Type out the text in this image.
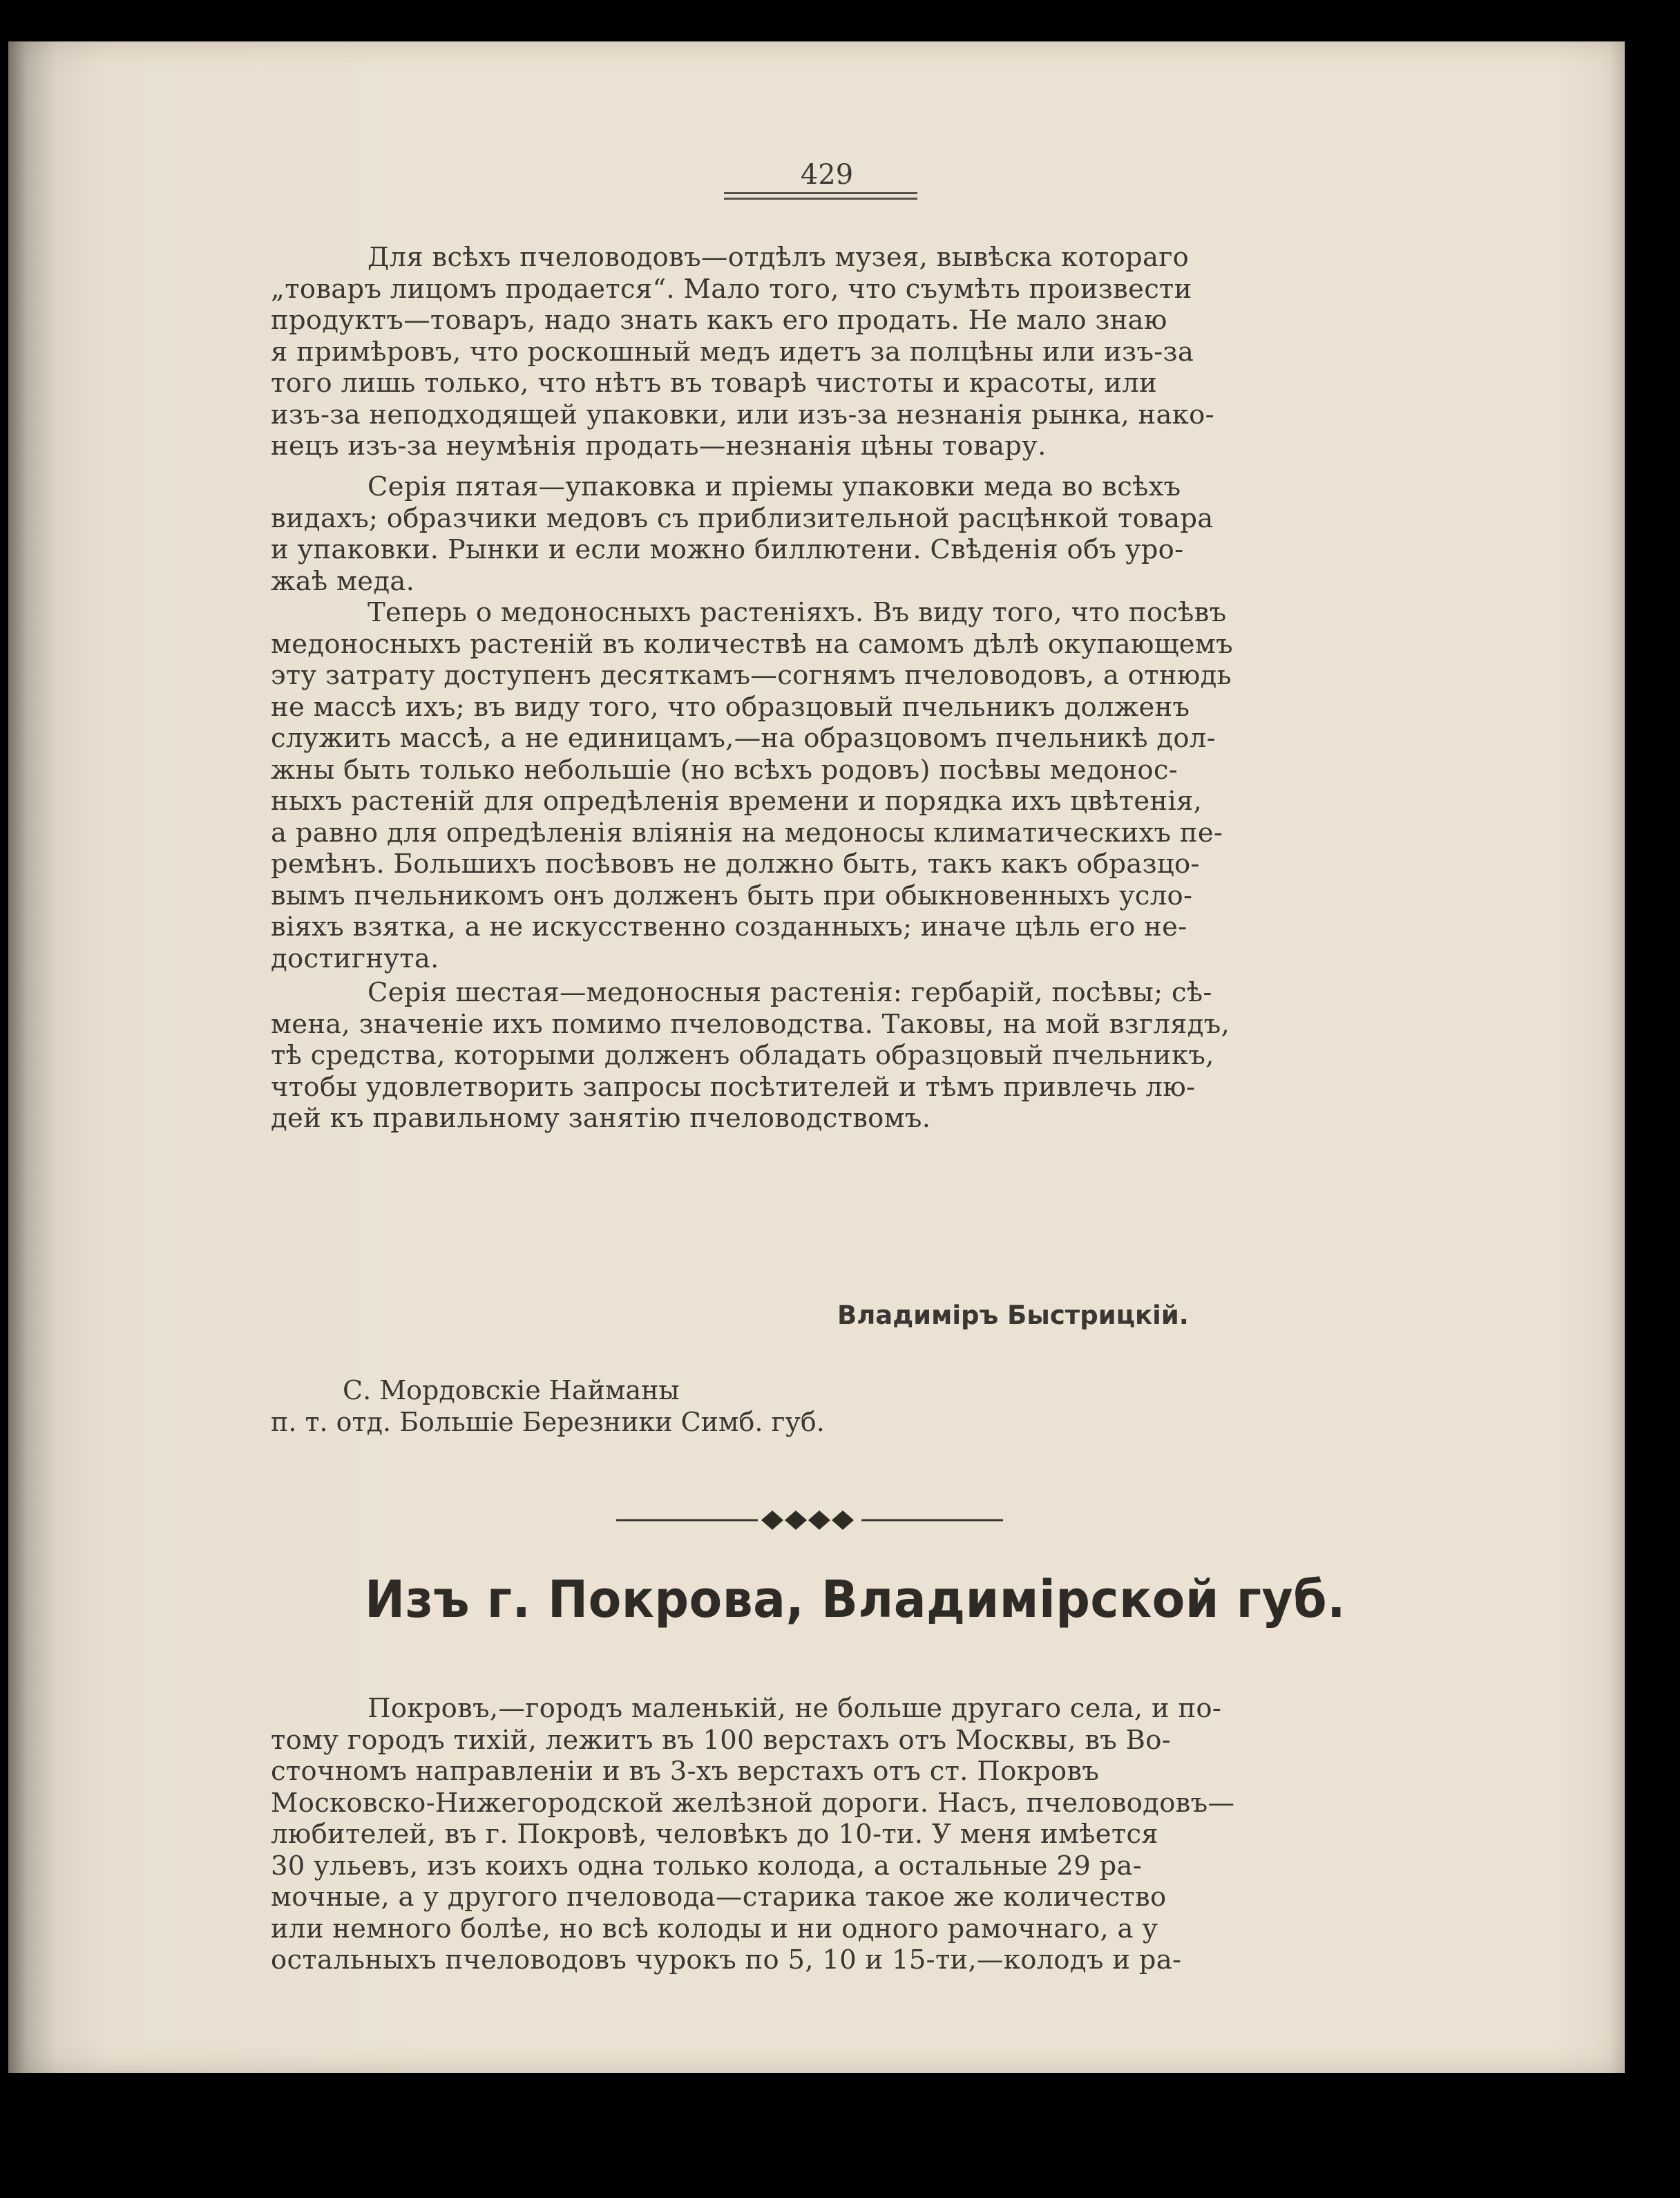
429
Для всѣхъ пчеловодовъ—отдѣлъ музея, вывѣска котораго
„товаръ лицомъ продается“. Мало того, что съумѣть произвести
продуктъ—товаръ, надо знать какъ его продать. Не мало знаю
я примѣровъ, что роскошный медъ идетъ за полцѣны или изъ-за
того лишь только, что нѣтъ въ товарѣ чистоты и красоты, или
изъ-за неподходящей упаковки, или изъ-за незнанія рынка, нако-
нецъ изъ-за неумѣнія продать—незнанія цѣны товару.
Серія пятая—упаковка и пріемы упаковки меда во всѣхъ
видахъ; образчики медовъ съ приблизительной расцѣнкой товара
и упаковки. Рынки и если можно биллютени. Свѣденія объ уро-
жаѣ меда.
Теперь о медоносныхъ растеніяхъ. Въ виду того, что посѣвъ
медоносныхъ растеній въ количествѣ на самомъ дѣлѣ окупающемъ
эту затрату доступенъ десяткамъ—согнямъ пчеловодовъ, а отнюдь
не массѣ ихъ; въ виду того, что образцовый пчельникъ долженъ
служить массѣ, а не единицамъ,—на образцовомъ пчельникѣ дол-
жны быть только небольшіе (но всѣхъ родовъ) посѣвы медонос-
ныхъ растеній для опредѣленія времени и порядка ихъ цвѣтенія,
а равно для опредѣленія вліянія на медоносы климатическихъ пе-
ремѣнъ. Большихъ посѣвовъ не должно быть, такъ какъ образцо-
вымъ пчельникомъ онъ долженъ быть при обыкновенныхъ усло-
віяхъ взятка, а не искусственно созданныхъ; иначе цѣль его не-
достигнута.
Серія шестая—медоносныя растенія: гербарій, посѣвы; сѣ-
мена, значеніе ихъ помимо пчеловодства. Таковы, на мой взглядъ,
тѣ средства, которыми долженъ обладать образцовый пчельникъ,
чтобы удовлетворить запросы посѣтителей и тѣмъ привлечь лю-
дей къ правильному занятію пчеловодствомъ.
Владиміръ Быстрицкій.
С. Мордовскіе Наймaны
п. т. отд. Большіе Березники Симб. губ.
Изъ г. Покрова, Владимірской губ.
Покровъ,—городъ маленькій, не больше другаго села, и по-
тому городъ тихій, лежитъ въ 100 верстахъ отъ Москвы, въ Во-
сточномъ направленіи и въ 3-хъ верстахъ отъ ст. Покровъ
Московско-Нижегородской желѣзной дороги. Насъ, пчеловодовъ—
любителей, въ г. Покровѣ, человѣкъ до 10-ти. У меня имѣется
30 ульевъ, изъ коихъ одна только колода, а остальные 29 ра-
мочные, а у другого пчеловода—старика такое же количество
или немного болѣе, но всѣ колоды и ни одного рамочнаго, а у
остальныхъ пчеловодовъ чурокъ по 5, 10 и 15-ти,—колодъ и ра-
